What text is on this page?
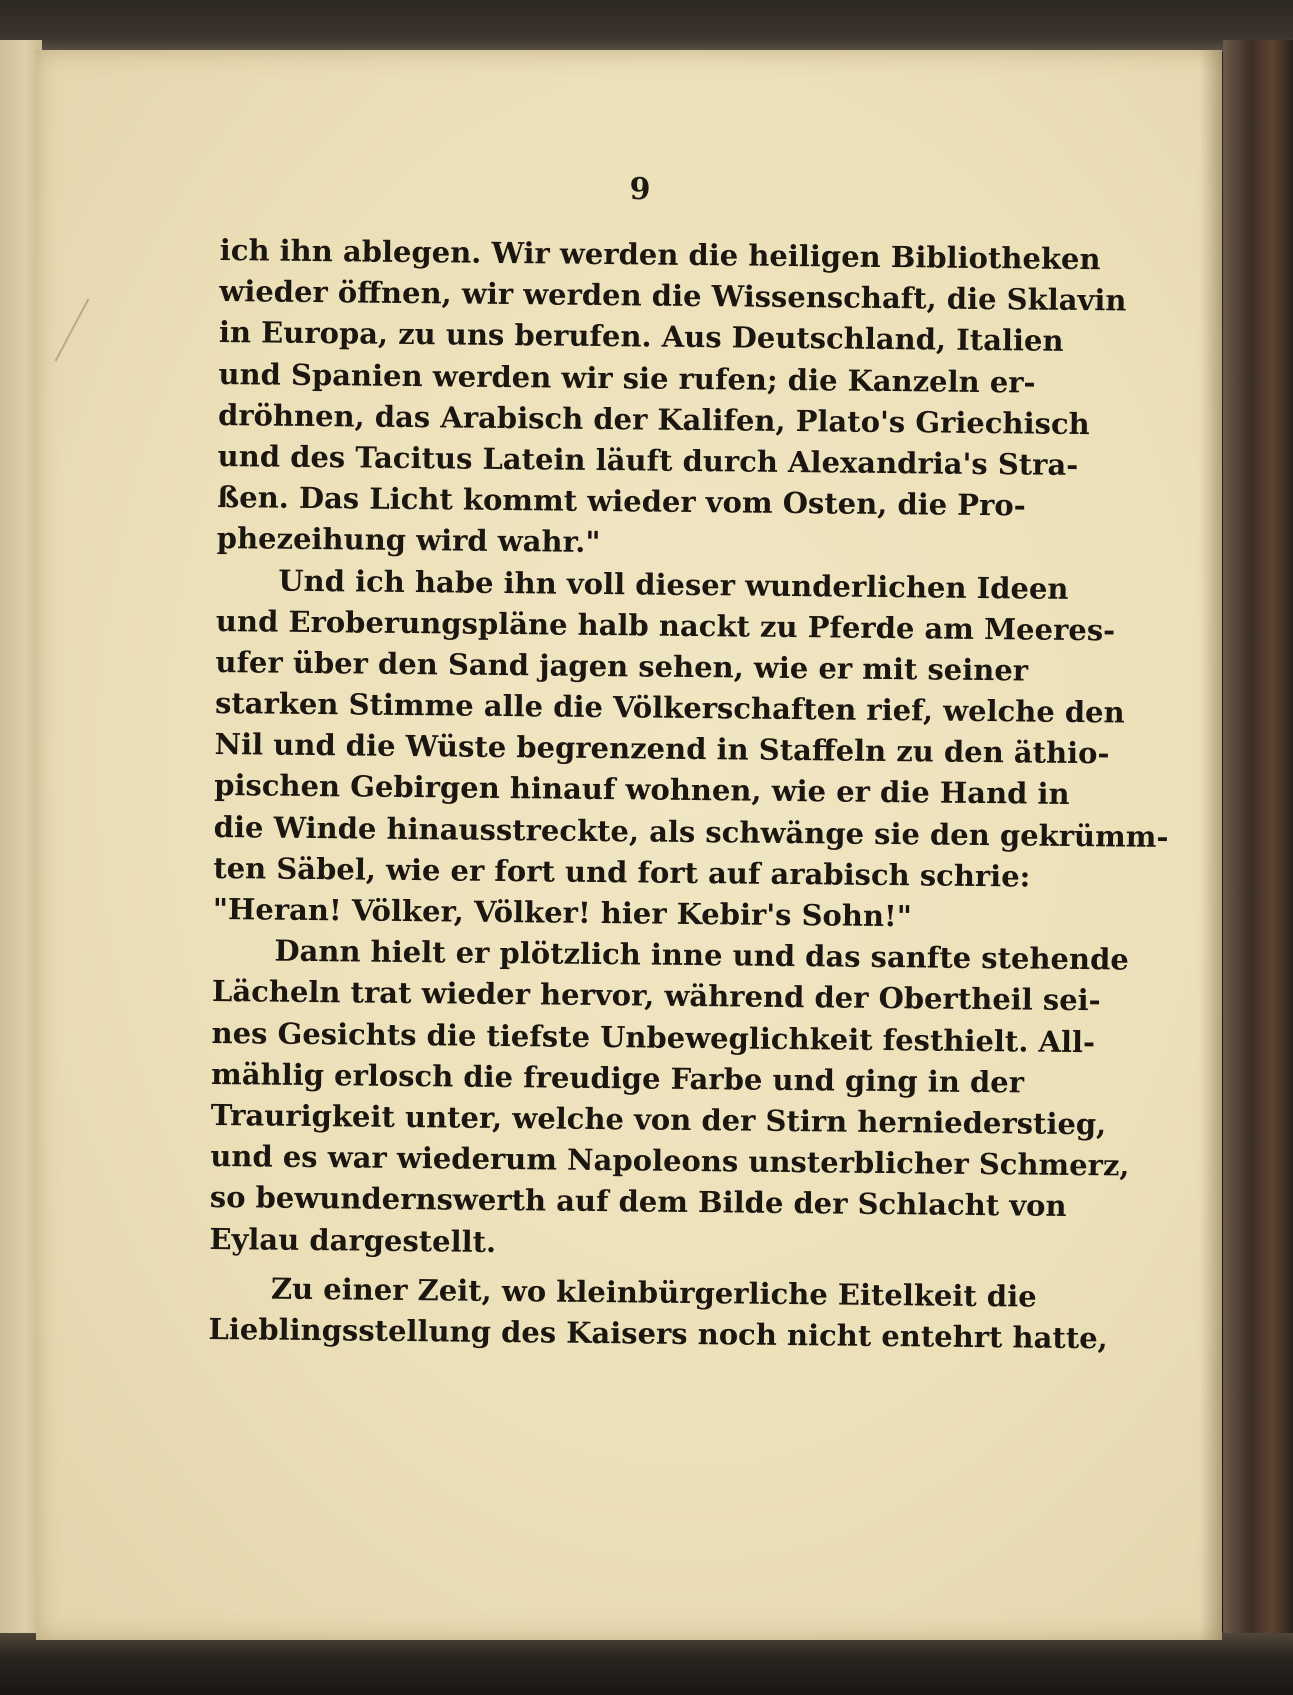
9
ich ihn ablegen. Wir werden die heiligen Bibliotheken
wieder öffnen, wir werden die Wissenschaft, die Sklavin
in Europa, zu uns berufen. Aus Deutschland, Italien
und Spanien werden wir sie rufen; die Kanzeln er-
dröhnen, das Arabisch der Kalifen, Plato's Griechisch
und des Tacitus Latein läuft durch Alexandria's Stra-
ßen. Das Licht kommt wieder vom Osten, die Pro-
phezeihung wird wahr."
Und ich habe ihn voll dieser wunderlichen Ideen
und Eroberungspläne halb nackt zu Pferde am Meeres-
ufer über den Sand jagen sehen, wie er mit seiner
starken Stimme alle die Völkerschaften rief, welche den
Nil und die Wüste begrenzend in Staffeln zu den äthio-
pischen Gebirgen hinauf wohnen, wie er die Hand in
die Winde hinausstreckte, als schwänge sie den gekrümm-
ten Säbel, wie er fort und fort auf arabisch schrie:
"Heran! Völker, Völker! hier Kebir's Sohn!"
Dann hielt er plötzlich inne und das sanfte stehende
Lächeln trat wieder hervor, während der Obertheil sei-
nes Gesichts die tiefste Unbeweglichkeit festhielt. All-
mählig erlosch die freudige Farbe und ging in der
Traurigkeit unter, welche von der Stirn herniederstieg,
und es war wiederum Napoleons unsterblicher Schmerz,
so bewundernswerth auf dem Bilde der Schlacht von
Eylau dargestellt.
Zu einer Zeit, wo kleinbürgerliche Eitelkeit die
Lieblingsstellung des Kaisers noch nicht entehrt hatte,
